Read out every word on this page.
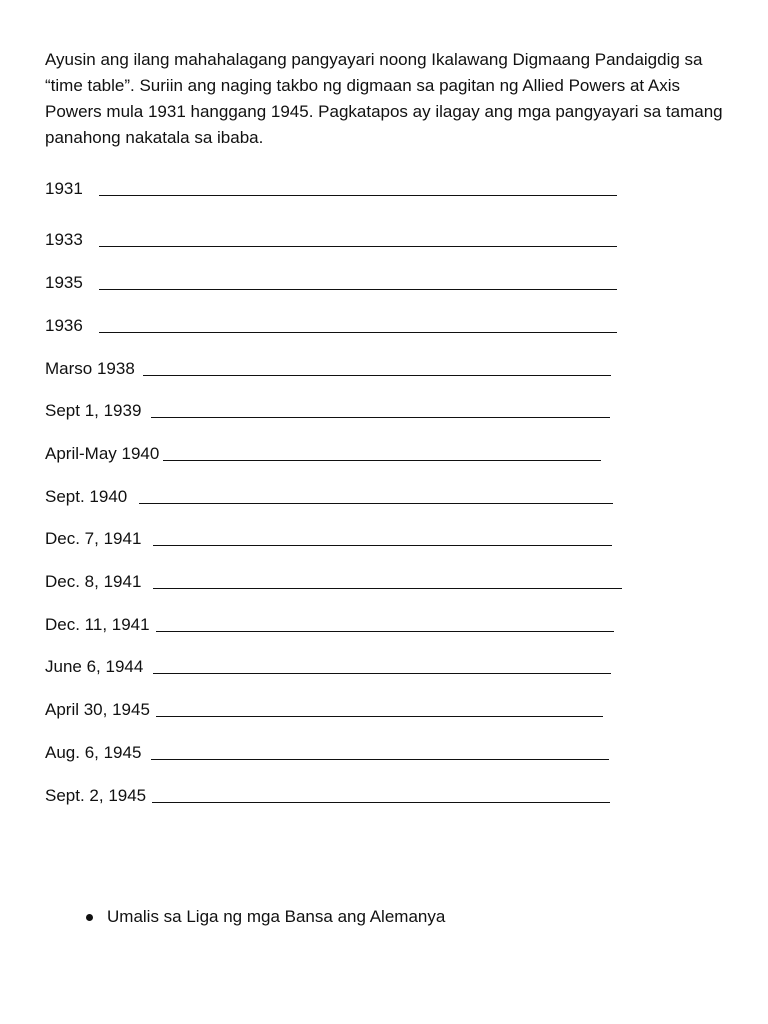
Ayusin ang ilang mahahalagang pangyayari noong Ikalawang Digmaang Pandaigdig sa “time table”. Suriin ang naging takbo ng digmaan sa pagitan ng Allied Powers at Axis Powers mula 1931 hanggang 1945. Pagkatapos ay ilagay ang mga pangyayari sa tamang panahong nakatala sa ibaba.

1931
1933
1935
1936
Marso 1938
Sept 1, 1939
April-May 1940
Sept. 1940
Dec. 7, 1941
Dec. 8, 1941
Dec. 11, 1941
June 6, 1944
April 30, 1945
Aug. 6, 1945
Sept. 2, 1945
Umalis sa Liga ng mga Bansa ang Alemanya
